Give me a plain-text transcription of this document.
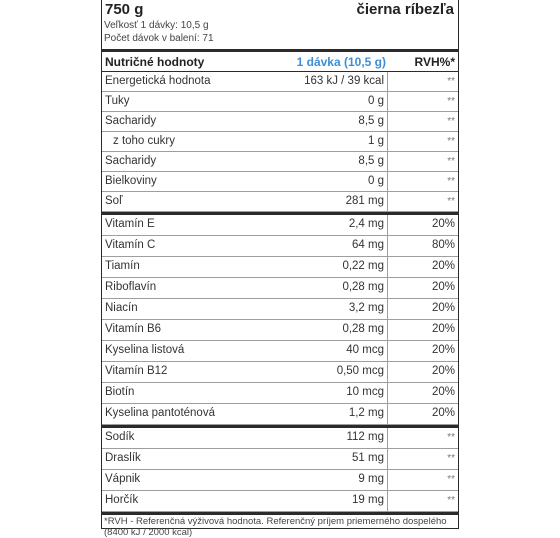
750 g	čierna ríbezľa
Veľkosť 1 dávky: 10,5 g
Počet dávok v balení: 71
Nutričné hodnoty	1 dávka (10,5 g) RVH%*
Energetická hodnota	163 kJ / 39 kcal	**
Tuky	0 g	**
Sacharidy	8,5 g	**
z toho cukry	1 g	**
Sacharidy	8,5 g	**
Bielkoviny	0 g	**
Soľ	281 mg	**
Vitamín E	2,4 mg	20%
Vitamín C	64 mg	80%
Tiamín	0,22 mg	20%
Riboflavín	0,28 mg	20%
Niacín	3,2 mg	20%
Vitamín B6	0,28 mg	20%
Kyselina listová	40 mcg	20%
Vitamín B12	0,50 mcg	20%
Biotín	10 mcg	20%
Kyselina pantoténová	1,2 mg	20%
Sodík	112 mg	**
Draslík	51 mg	**
Vápnik	9 mg	**
Horčík	19 mg	**
*RVH - Referenčná výživová hodnota. Referenčný príjem priemerného dospelého
(8400 kJ / 2000 kcal)
